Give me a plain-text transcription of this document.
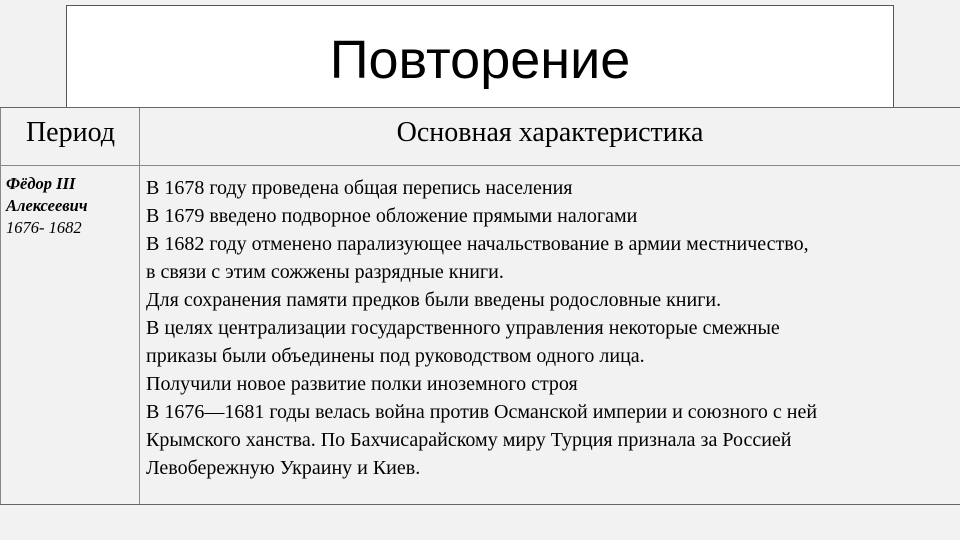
Повторение
Период	Основная характеристика
Фёдор III
Алексеевич
1676- 1682

В 1678 году проведена общая перепись населения

В 1679 введено подворное обложение прямыми налогами

В 1682 году отменено парализующее начальствование в армии местничество,

в связи с этим сожжены разрядные книги.

Для сохранения памяти предков были введены родословные книги.

В целях централизации государственного управления некоторые смежные

приказы были объединены под руководством одного лица.

Получили новое развитие полки иноземного строя

В 1676—1681 годы велась война против Османской империи и союзного с ней

Крымского ханства. По Бахчисарайскому миру Турция признала за Россией

Левобережную Украину и Киев.
